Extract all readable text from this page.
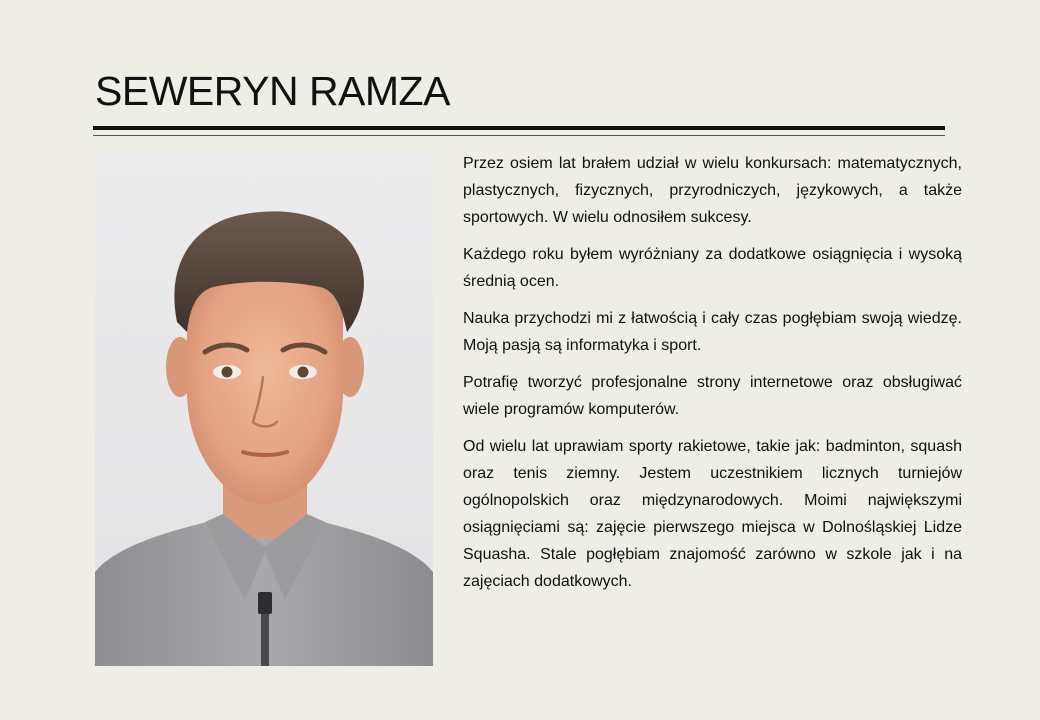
SEWERYN RAMZA

Przez osiem lat brałem udział w wielu konkursach: matematycznych, plastycznych, fizycznych, przyrodniczych, językowych, a także sportowych. W wielu odnosiłem sukcesy.

Każdego roku byłem wyróżniany za dodatkowe osiągnięcia i wysoką średnią ocen.

Nauka przychodzi mi z łatwością i cały czas pogłębiam swoją wiedzę. Moją pasją są informatyka i sport.

Potrafię tworzyć profesjonalne strony internetowe oraz obsługiwać wiele programów komputerów.

Od wielu lat uprawiam sporty rakietowe, takie jak: badminton, squash oraz tenis ziemny. Jestem uczestnikiem licznych turniejów ogólnopolskich oraz międzynarodowych. Moimi największymi osiągnięciami są: zajęcie pierwszego miejsca w Dolnośląskiej Lidze Squasha. Stale pogłębiam znajomość zarówno w szkole jak i na zajęciach dodatkowych.
